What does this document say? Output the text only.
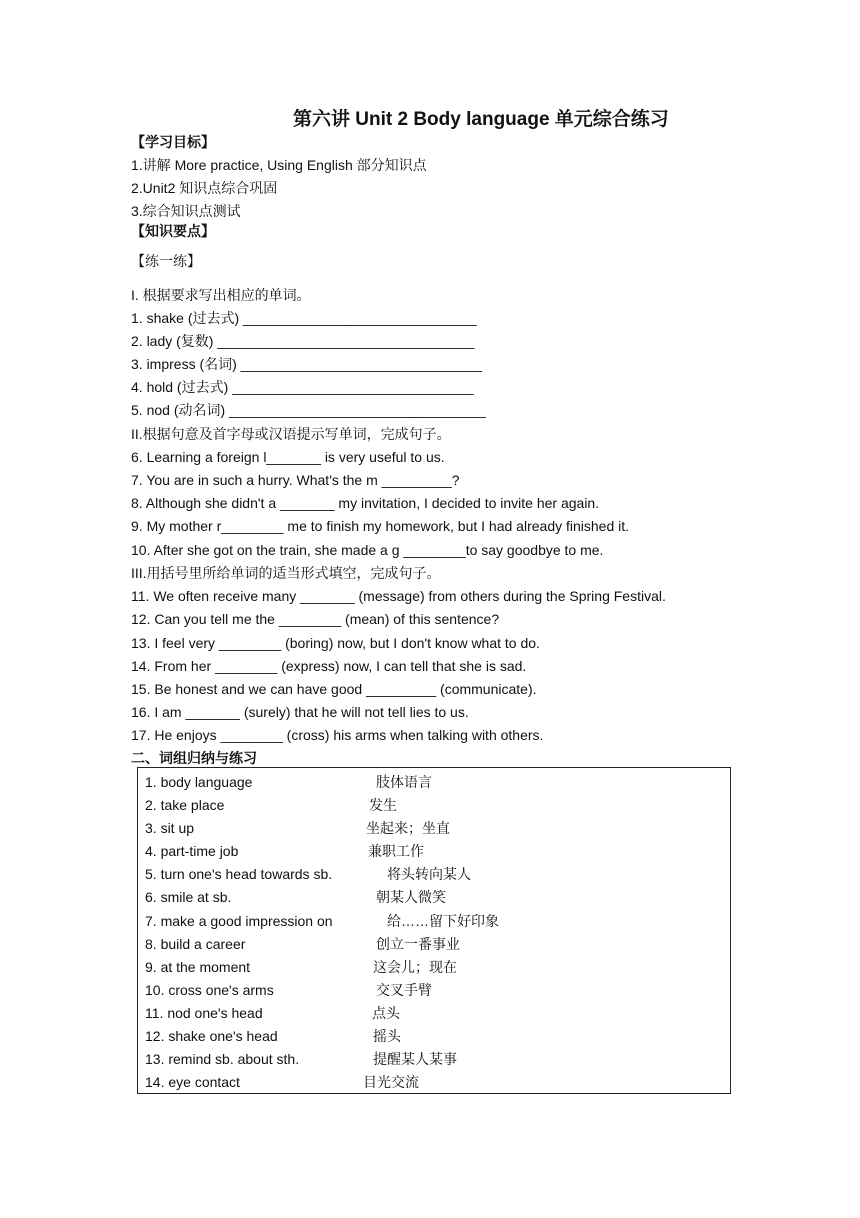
第六讲 Unit 2 Body language 单元综合练习
【学习目标】
1.讲解 More practice, Using English 部分知识点
2.Unit2 知识点综合巩固
3.综合知识点测试
【知识要点】
【练一练】
I. 根据要求写出相应的单词。
1. shake (过去式) ______________________________
2. lady (复数) _________________________________
3. impress (名词) _______________________________
4. hold (过去式) _______________________________
5. nod (动名词) _________________________________
II.根据句意及首字母或汉语提示写单词，完成句子。
6. Learning a foreign l_______ is very useful to us.
7. You are in such a hurry. What's the m _________?
8. Although she didn't a _______ my invitation, I decided to invite her again.
9. My mother r________ me to finish my homework, but I had already finished it.
10. After she got on the train, she made a g ________to say goodbye to me.
III.用括号里所给单词的适当形式填空，完成句子。
11. We often receive many _______ (message) from others during the Spring Festival.
12. Can you tell me the ________ (mean) of this sentence?
13. I feel very ________ (boring) now, but I don't know what to do.
14. From her ________ (express) now, I can tell that she is sad.
15. Be honest and we can have good _________ (communicate).
16. I am _______ (surely) that he will not tell lies to us.
17. He enjoys ________ (cross) his arms when talking with others.
二、词组归纳与练习
1. body language	肢体语言
2. take place	发生
3. sit up	坐起来；坐直
4. part-time job	兼职工作
5. turn one's head towards sb.	将头转向某人
6. smile at sb.	朝某人微笑
7. make a good impression on	给……留下好印象
8. build a career	创立一番事业
9. at the moment	这会儿；现在
10. cross one's arms	交叉手臂
11. nod one's head	点头
12. shake one's head	摇头
13. remind sb. about sth.	提醒某人某事
14. eye contact	目光交流
